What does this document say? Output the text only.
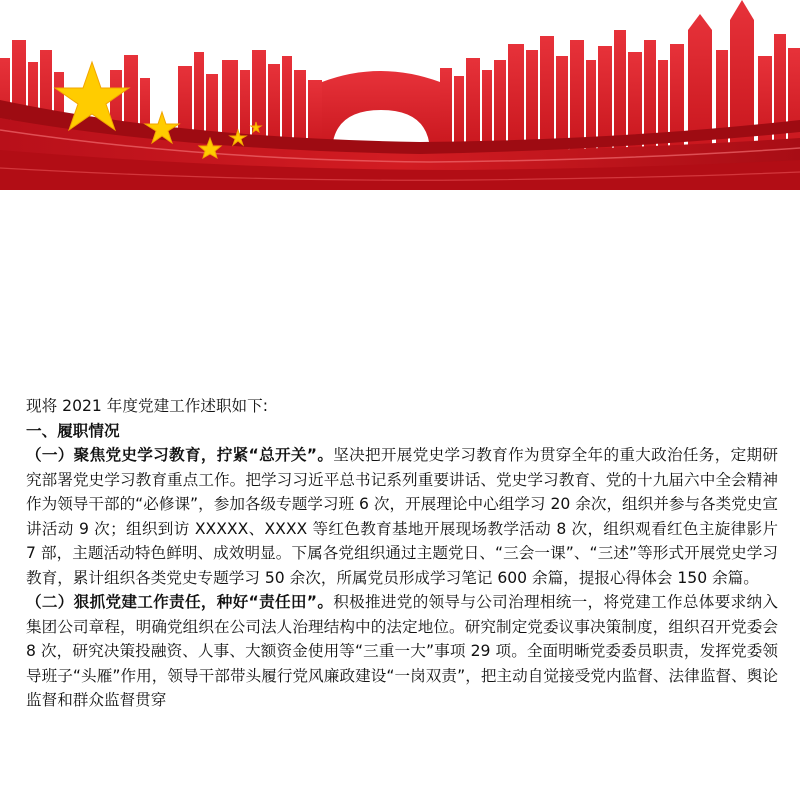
现将 2021 年度党建工作述职如下:

一、履职情况

（一）聚焦党史学习教育，拧紧“总开关”。坚决把开展党史学习教育作为贯穿全年的重大政治任务，定期研究部署党史学习教育重点工作。把学习习近平总书记系列重要讲话、党史学习教育、党的十九届六中全会精神作为领导干部的“必修课”，参加各级专题学习班 6 次，开展理论中心组学习 20 余次，组织并参与各类党史宣讲活动 9 次；组织到访 XXXXX、XXXX 等红色教育基地开展现场教学活动 8 次，组织观看红色主旋律影片 7 部，主题活动特色鲜明、成效明显。下属各党组织通过主题党日、“三会一课”、“三述”等形式开展党史学习教育，累计组织各类党史专题学习 50 余次，所属党员形成学习笔记 600 余篇，提报心得体会 150 余篇。

（二）狠抓党建工作责任，种好“责任田”。积极推进党的领导与公司治理相统一，将党建工作总体要求纳入集团公司章程，明确党组织在公司法人治理结构中的法定地位。研究制定党委议事决策制度，组织召开党委会 8 次，研究决策投融资、人事、大额资金使用等“三重一大”事项 29 项。全面明晰党委委员职责，发挥党委领导班子“头雁”作用，领导干部带头履行党风廉政建设“一岗双责”，把主动自觉接受党内监督、法律监督、舆论监督和群众监督贯穿
